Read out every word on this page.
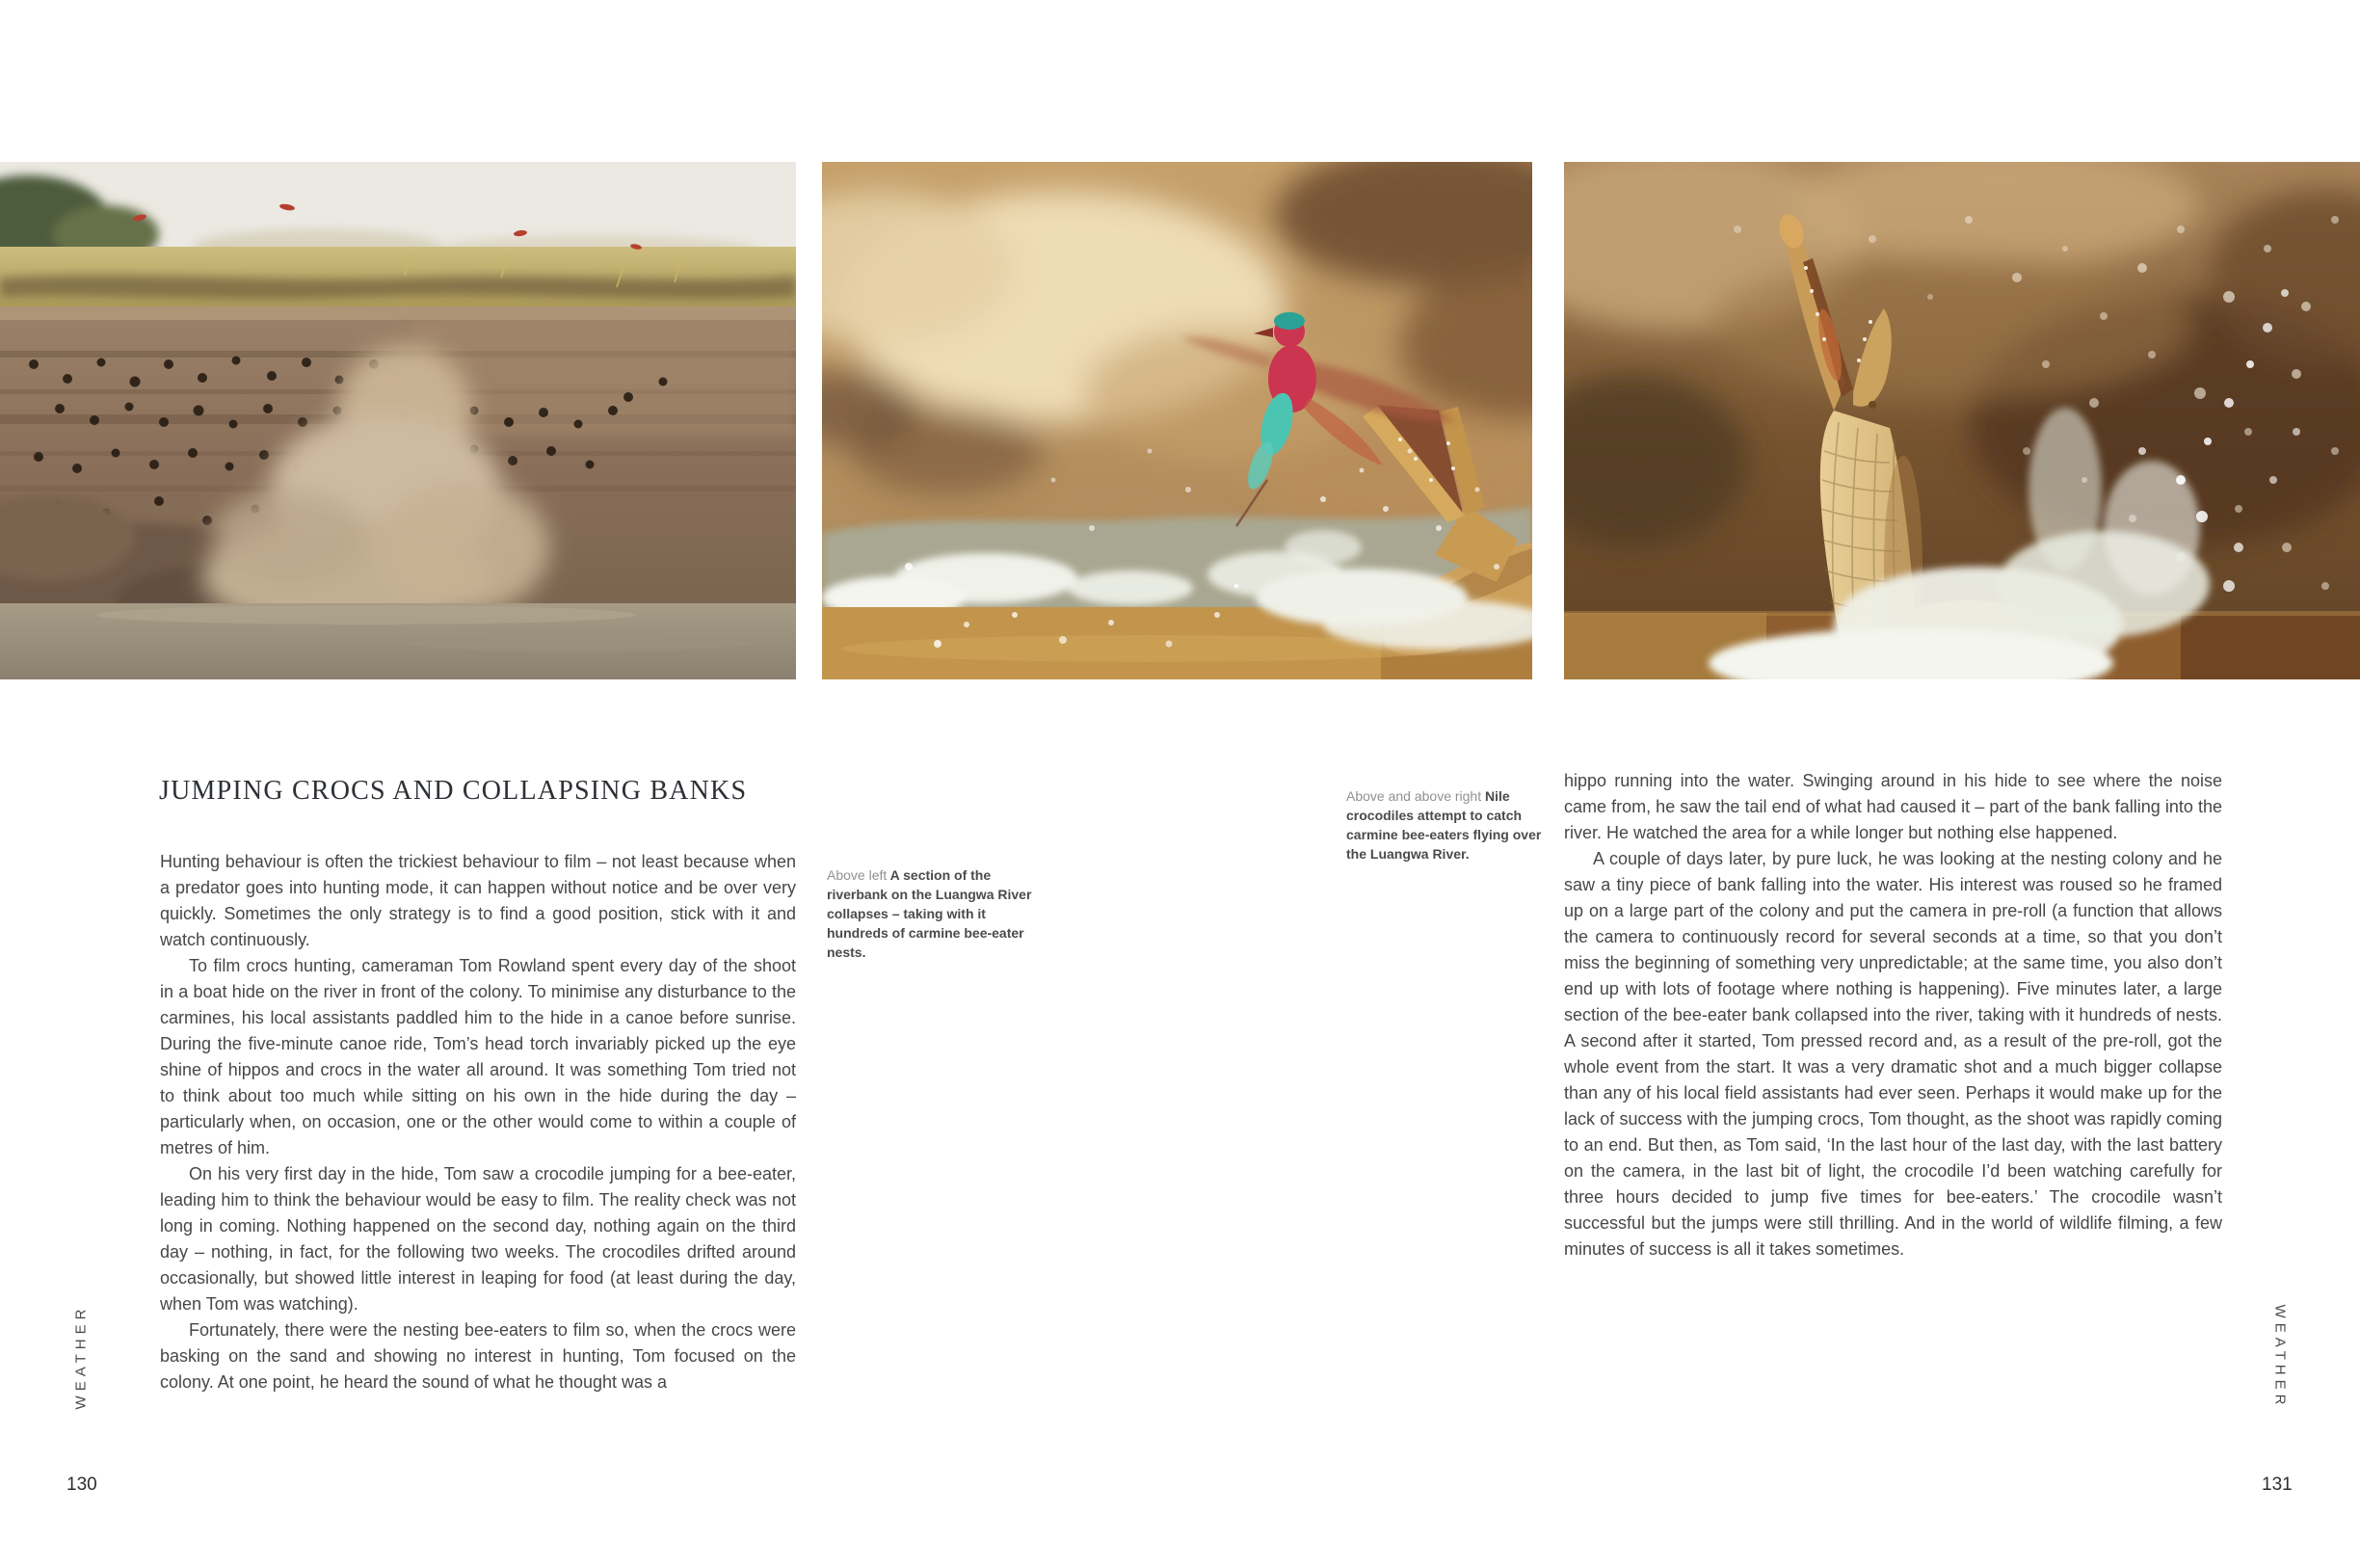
JUMPING CROCS AND COLLAPSING BANKS

Hunting behaviour is often the trickiest behaviour to film – not least because when a predator goes into hunting mode, it can happen without notice and be over very quickly. Sometimes the only strategy is to find a good position, stick with it and watch continuously.

To film crocs hunting, cameraman Tom Rowland spent every day of the shoot in a boat hide on the river in front of the colony. To minimise any disturbance to the carmines, his local assistants paddled him to the hide in a canoe before sunrise. During the five-minute canoe ride, Tom’s head torch invariably picked up the eye shine of hippos and crocs in the water all around. It was something Tom tried not to think about too much while sitting on his own in the hide during the day – particularly when, on occasion, one or the other would come to within a couple of metres of him.

On his very first day in the hide, Tom saw a crocodile jumping for a bee-eater, leading him to think the behaviour would be easy to film. The reality check was not long in coming. Nothing happened on the second day, nothing again on the third day – nothing, in fact, for the following two weeks. The crocodiles drifted around occasionally, but showed little interest in leaping for food (at least during the day, when Tom was watching).

Fortunately, there were the nesting bee-eaters to film so, when the crocs were basking on the sand and showing no interest in hunting, Tom focused on the colony. At one point, he heard the sound of what he thought was a

Above left A section of the riverbank on the Luangwa River collapses – taking with it hundreds of carmine bee-eater nests.

Above and above right Nile crocodiles attempt to catch carmine bee-eaters flying over the Luangwa River.

hippo running into the water. Swinging around in his hide to see where the noise came from, he saw the tail end of what had caused it – part of the bank falling into the river. He watched the area for a while longer but nothing else happened.

A couple of days later, by pure luck, he was looking at the nesting colony and he saw a tiny piece of bank falling into the water. His interest was roused so he framed up on a large part of the colony and put the camera in pre-roll (a function that allows the camera to continuously record for several seconds at a time, so that you don’t miss the beginning of something very unpredictable; at the same time, you also don’t end up with lots of footage where nothing is happening). Five minutes later, a large section of the bee-eater bank collapsed into the river, taking with it hundreds of nests. A second after it started, Tom pressed record and, as a result of the pre-roll, got the whole event from the start. It was a very dramatic shot and a much bigger collapse than any of his local field assistants had ever seen. Perhaps it would make up for the lack of success with the jumping crocs, Tom thought, as the shoot was rapidly coming to an end. But then, as Tom said, ‘In the last hour of the last day, with the last battery on the camera, in the last bit of light, the crocodile I’d been watching carefully for three hours decided to jump five times for bee-eaters.’ The crocodile wasn’t successful but the jumps were still thrilling. And in the world of wildlife filming, a few minutes of success is all it takes sometimes.

WEATHER	WEATHER
130	131
